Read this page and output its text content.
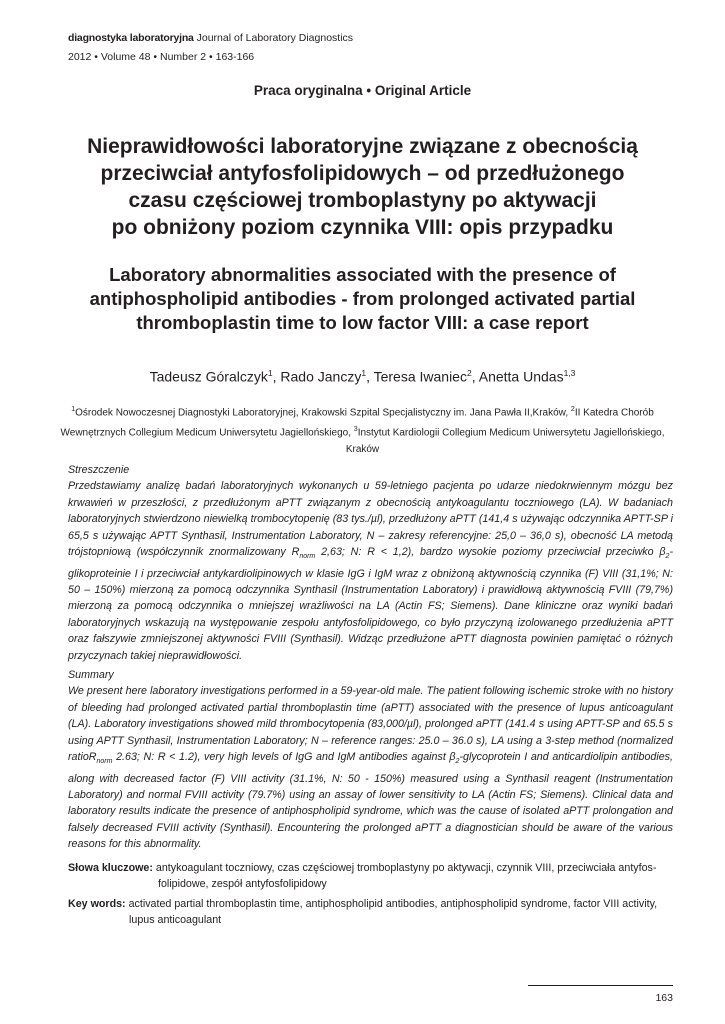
diagnostyka laboratoryjna Journal of Laboratory Diagnostics
2012 • Volume 48 • Number 2 • 163-166
Praca oryginalna • Original Article
Nieprawidłowości laboratoryjne związane z obecnością
przeciwciał antyfosfolipidowych – od przedłużonego
czasu częściowej tromboplastyny po aktywacji
po obniżony poziom czynnika VIII: opis przypadku
Laboratory abnormalities associated with the presence of
antiphospholipid antibodies - from prolonged activated partial
thromboplastin time to low factor VIII: a case report
Tadeusz Góralczyk$^1$, Rado Janczy$^1$, Teresa Iwaniec$^2$, Anetta Undas$^{1,3}$
$^1$Ośrodek Nowoczesnej Diagnostyki Laboratoryjnej, Krakowski Szpital Specjalistyczny im. Jana Pawła II,Kraków, $^2$II Katedra Chorób Wewnętrznych Collegium Medicum Uniwersytetu Jagiellońskiego, $^3$Instytut Kardiologii Collegium Medicum Uniwersytetu Jagiellońskiego, Kraków
Streszczenie
Przedstawiamy analizę badań laboratoryjnych wykonanych u 59-letniego pacjenta po udarze niedokrwiennym mózgu bez krwawień w przeszłości, z przedłużonym aPTT związanym z obecnością antykoagulantu toczniowego (LA). W badaniach laboratoryjnych stwierdzono niewielką trombocytopenię (83 tys./µl), przedłużony aPTT (141,4 s używając odczynnika APTT-SP i 65,5 s używając APTT Synthasil, Instrumentation Laboratory, N – zakresy referencyjne: 25,0 – 36,0 s), obecność LA metodą trójstopniową (współczynnik znormalizowany $R_{norm}$ 2,63; N: R < 1,2), bardzo wysokie poziomy przeciwciał przeciwko $\beta_2$-glikoproteinie I i przeciwciał antykardiolipinowych w klasie IgG i IgM wraz z obniżoną aktywnością czynnika (F) VIII (31,1%; N: 50 – 150%) mierzoną za pomocą odczynnika Synthasil (Instrumentation Laboratory) i prawidłową aktywnością FVIII (79,7%) mierzoną za pomocą odczynnika o mniejszej wrażliwości na LA (Actin FS; Siemens). Dane kliniczne oraz wyniki badań laboratoryjnych wskazują na występowanie zespołu antyfosfolipidowego, co było przyczyną izolowanego przedłużenia aPTT oraz fałszywie zmniejszonej aktywności FVIII (Synthasil). Widząc przedłużone aPTT diagnosta powinien pamiętać o różnych przyczynach takiej nieprawidłowości.
Summary
We present here laboratory investigations performed in a 59-year-old male. The patient following ischemic stroke with no history of bleeding had prolonged activated partial thromboplastin time (aPTT) associated with the presence of lupus anticoagulant (LA). Laboratory investigations showed mild thrombocytopenia (83,000/µl), prolonged aPTT (141.4 s using APTT-SP and 65.5 s using APTT Synthasil, Instrumentation Laboratory; N – reference ranges: 25.0 – 36.0 s), LA using a 3-step method (normalized ratioR$_{norm}$ 2.63; N: R < 1.2), very high levels of IgG and IgM antibodies against $\beta_2$-glycoprotein I and anticardiolipin antibodies, along with decreased factor (F) VIII activity (31.1%, N: 50 - 150%) measured using a Synthasil reagent (Instrumentation Laboratory) and normal FVIII activity (79.7%) using an assay of lower sensitivity to LA (Actin FS; Siemens). Clinical data and laboratory results indicate the presence of antiphospholipid syndrome, which was the cause of isolated aPTT prolongation and falsely decreased FVIII activity (Synthasil). Encountering the prolonged aPTT a diagnostician should be aware of the various reasons for this abnormality.
Słowa kluczowe: antykoagulant toczniowy, czas częściowej tromboplastyny po aktywacji, czynnik VIII, przeciwciała antyfos-
folipidowe, zespół antyfosfolipidowy
Key words: activated partial thromboplastin time, antiphospholipid antibodies, antiphospholipid syndrome, factor VIII activity,
lupus anticoagulant
163
